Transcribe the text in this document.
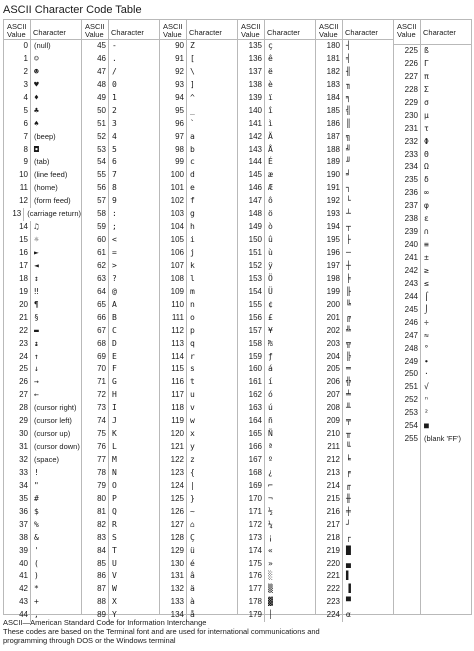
ASCII Character Code Table
ASCII
Value Character
0 (null)
1 ☺
2 ☻
3 ♥
4 ♦
5 ♣
6 ♠
7 (beep)
8 ◘
9 (tab)
10 (line feed)
11 (home)
12 (form feed)
13 (carriage return)
14 ♫
15 ☼
16 ►
17 ◄
18 ↕
19 ‼
20 ¶
21 §
22 ▬
23 ↨
24 ↑
25 ↓
26 →
27 ←
28 (cursor right)
29 (cursor left)
30 (cursor up)
31 (cursor down)
32 (space)
33 !
34 "
35 #
36 $
37 %
38 &
39 '
40 (
41 )
42 *
43 +
44 ,
ASCII
Value Character
45 -
46 .
47 /
48 0
49 1
50 2
51 3
52 4
53 5
54 6
55 7
56 8
57 9
58 :
59 ;
60 <
61 =
62 >
63 ?
64 @
65 A
66 B
67 C
68 D
69 E
70 F
71 G
72 H
73 I
74 J
75 K
76 L
77 M
78 N
79 O
80 P
81 Q
82 R
83 S
84 T
85 U
86 V
87 W
88 X
89 Y
ASCII
Value Character
90 Z
91 [
92 \
93 ]
94 ^
95 _
96 `
97 a
98 b
99 c
100 d
101 e
102 f
103 g
104 h
105 i
106 j
107 k
108 l
109 m
110 n
111 o
112 p
113 q
114 r
115 s
116 t
117 u
118 v
119 w
120 x
121 y
122 z
123 {
124 |
125 }
126 ~
127 ⌂
128 Ç
129 ü
130 é
131 â
132 ä
133 à
134 å
ASCII
Value Character
135 ç
136 ê
137 ë
138 è
139 ï
140 î
141 ì
142 Ä
143 Å
144 É
145 æ
146 Æ
147 ô
148 ö
149 ò
150 û
151 ù
152 ÿ
153 Ö
154 Ü
155 ¢
156 £
157 ¥
158 ₧
159 ƒ
160 á
161 í
162 ó
163 ú
164 ñ
165 Ñ
166 ª
167 º
168 ¿
169 ⌐
170 ¬
171 ½
172 ¼
173 ¡
174 «
175 »
176 ░
177 ▒
178 ▓
179 │
ASCII
Value Character
180 ┤
181 ╡
182 ╢
183 ╖
184 ╕
185 ╣
186 ║
187 ╗
188 ╝
189 ╜
190 ╛
191 ┐
192 └
193 ┴
194 ┬
195 ├
196 ─
197 ┼
198 ╞
199 ╟
200 ╚
201 ╔
202 ╩
203 ╦
204 ╠
205 ═
206 ╬
207 ╧
208 ╨
209 ╤
210 ╥
211 ╙
212 ╘
213 ╒
214 ╓
215 ╫
216 ╪
217 ┘
218 ┌
219 █
220 ▄
221 ▌
222 ▐
223 ▀
224 α
ASCII
Value Character
225 ß
226 Γ
227 π
228 Σ
229 σ
230 µ
231 τ
232 Φ
233 Θ
234 Ω
235 δ
236 ∞
237 φ
238 ε
239 ∩
240 ≡
241 ±
242 ≥
243 ≤
244 ⌠
245 ⌡
246 ÷
247 ≈
248 °
249 ∙
250 ·
251 √
252 ⁿ
253 ²
254 ■
255 (blank 'FF')
ASCII—American Standard Code for Information Interchange
These codes are based on the Terminal font and are used for international communications and
programming through DOS or the Windows terminal
